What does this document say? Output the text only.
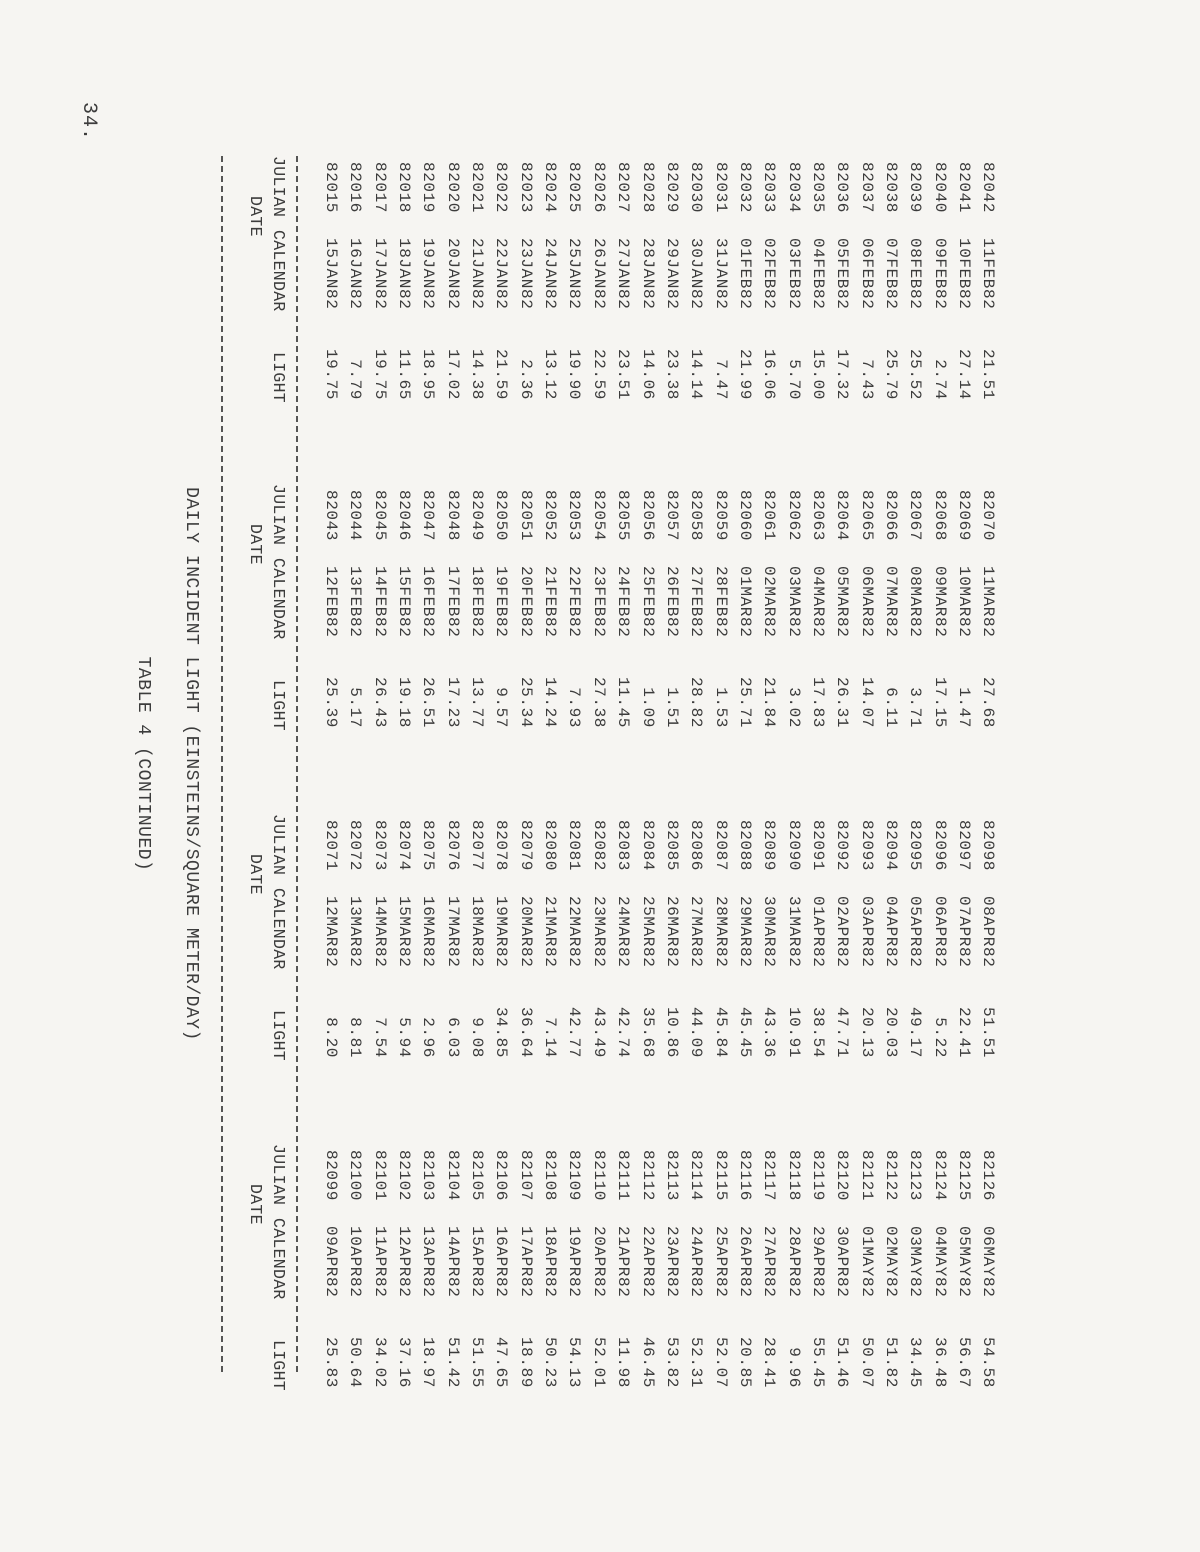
34.
TABLE 4 (CONTINUED) DAILY INCIDENT LIGHT (EINSTEINS/SQUARE METER/DAY)
DATE JULIAN
CALENDAR
LIGHT
DATE JULIAN
CALENDAR
LIGHT
DATE JULIAN
CALENDAR
LIGHT
DATE JULIAN
CALENDAR
LIGHT
82015
15JAN82
19.75
82016
16JAN82
7.79
82017
17JAN82
19.75
82018
18JAN82
11.65
82019
19JAN82
18.95
82020
20JAN82
17.02
82021
21JAN82
14.38
82022
22JAN82
21.59
82023
23JAN82
2.36
82024
24JAN82
13.12
82025
25JAN82
19.90
82026
26JAN82
22.59
82027
27JAN82
23.51
82028
28JAN82
14.06
82029
29JAN82
23.38
82030
30JAN82
14.14
82031
31JAN82
7.47
82032
01FEB82
21.99
82033
02FEB82
16.06
82034
03FEB82
5.70
82035
04FEB82
15.00
82036
05FEB82
17.32
82037
06FEB82
7.43
82038
07FEB82
25.79
82039
08FEB82
25.52
82040
09FEB82
2.74
82041
10FEB82
27.14
82042
11FEB82
21.51
82043
12FEB82
25.39
82044
13FEB82
5.17
82045
14FEB82
26.43
82046
15FEB82
19.18
82047
16FEB82
26.51
82048
17FEB82
17.23
82049
18FEB82
13.77
82050
19FEB82
9.57
82051
20FEB82
25.34
82052
21FEB82
14.24
82053
22FEB82
7.93
82054
23FEB82
27.38
82055
24FEB82
11.45
82056
25FEB82
1.09
82057
26FEB82
1.51
82058
27FEB82
28.82
82059
28FEB82
1.53
82060
01MAR82
25.71
82061
02MAR82
21.84
82062
03MAR82
3.02
82063
04MAR82
17.83
82064
05MAR82
26.31
82065
06MAR82
14.07
82066
07MAR82
6.11
82067
08MAR82
3.71
82068
09MAR82
17.15
82069
10MAR82
1.47
82070
11MAR82
27.68
82071
12MAR82
8.20
82072
13MAR82
8.81
82073
14MAR82
7.54
82074
15MAR82
5.94
82075
16MAR82
2.96
82076
17MAR82
6.03
82077
18MAR82
9.08
82078
19MAR82
34.85
82079
20MAR82
36.64
82080
21MAR82
7.14
82081
22MAR82
42.77
82082
23MAR82
43.49
82083
24MAR82
42.74
82084
25MAR82
35.68
82085
26MAR82
10.86
82086
27MAR82
44.09
82087
28MAR82
45.84
82088
29MAR82
45.45
82089
30MAR82
43.36
82090
31MAR82
10.91
82091
01APR82
38.54
82092
02APR82
47.71
82093
03APR82
20.13
82094
04APR82
20.03
82095
05APR82
49.17
82096
06APR82
5.22
82097
07APR82
22.41
82098
08APR82
51.51
82099
09APR82
25.83
82100
10APR82
50.64
82101
11APR82
34.02
82102
12APR82
37.16
82103
13APR82
18.97
82104
14APR82
51.42
82105
15APR82
51.55
82106
16APR82
47.65
82107
17APR82
18.89
82108
18APR82
50.23
82109
19APR82
54.13
82110
20APR82
52.01
82111
21APR82
11.98
82112
22APR82
46.45
82113
23APR82
53.82
82114
24APR82
52.31
82115
25APR82
52.07
82116
26APR82
20.85
82117
27APR82
28.41
82118
28APR82
9.96
82119
29APR82
55.45
82120
30APR82
51.46
82121
01MAY82
50.07
82122
02MAY82
51.82
82123
03MAY82
34.45
82124
04MAY82
36.48
82125
05MAY82
56.67
82126
06MAY82
54.58
